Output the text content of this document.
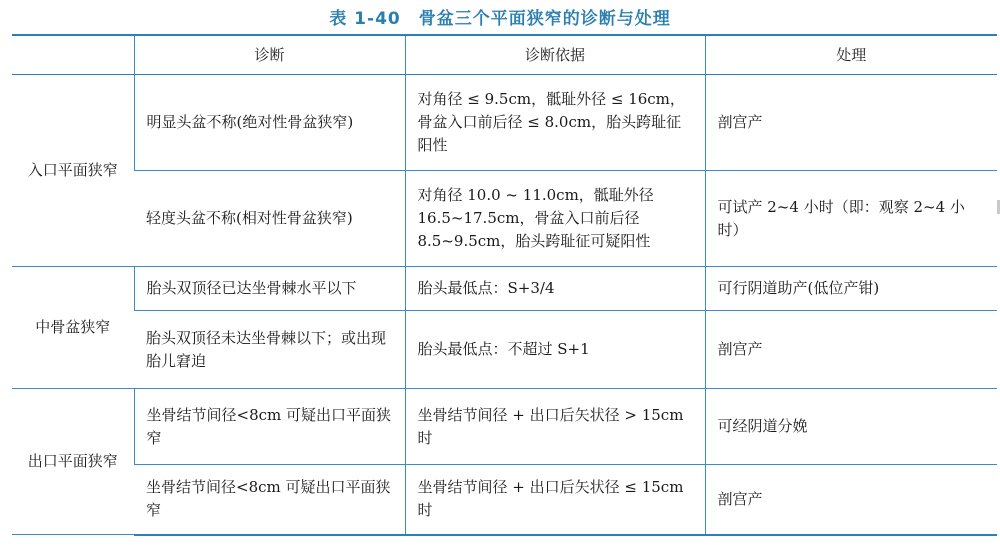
表 1-40 骨盆三个平面狭窄的诊断与处理
	诊断	诊断依据	处理
入口平面狭窄	明显头盆不称(绝对性骨盆狭窄)	对角径 ≤ 9.5cm，骶耻外径 ≤ 16cm，骨盆入口前后径 ≤ 8.0cm，胎头跨耻征阳性	剖宫产
	轻度头盆不称(相对性骨盆狭窄)	对角径 10.0 ~ 11.0cm，骶耻外径 16.5~17.5cm，骨盆入口前后径 8.5~9.5cm，胎头跨耻征可疑阳性	可试产 2~4 小时（即：观察 2~4 小时）
中骨盆狭窄	胎头双顶径已达坐骨棘水平以下	胎头最低点：S+3/4	可行阴道助产(低位产钳)
	胎头双顶径未达坐骨棘以下；或出现胎儿窘迫	胎头最低点：不超过 S+1	剖宫产
出口平面狭窄	坐骨结节间径<8cm 可疑出口平面狭窄	坐骨结节间径 + 出口后矢状径 > 15cm 时	可经阴道分娩
	坐骨结节间径<8cm 可疑出口平面狭窄	坐骨结节间径 + 出口后矢状径 ≤ 15cm 时	剖宫产
